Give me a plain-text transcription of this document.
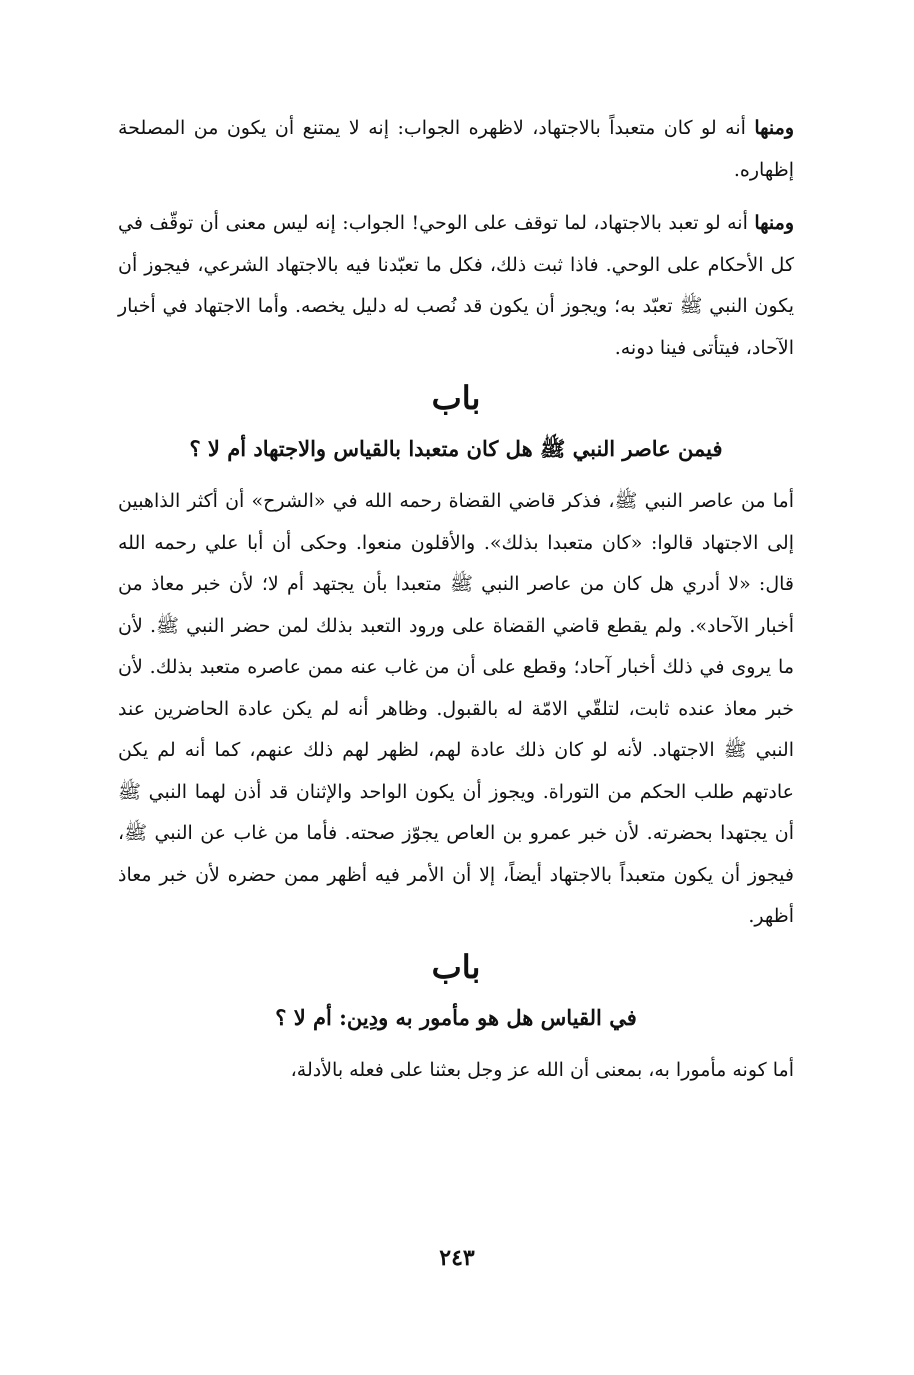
ومنها أنه لو كان متعبداً بالاجتهاد، لاظهره الجواب: إنه لا يمتنع أن يكون من المصلحة إظهاره.

ومنها أنه لو تعبد بالاجتهاد، لما توقف على الوحي! الجواب: إنه ليس معنى أن توقّف في كل الأحكام على الوحي. فاذا ثبت ذلك، فكل ما تعبّدنا فيه بالاجتهاد الشرعي، فيجوز أن يكون النبي ﷺ تعبّد به؛ ويجوز أن يكون قد نُصب له دليل يخصه. وأما الاجتهاد في أخبار الآحاد، فيتأتى فينا دونه.

باب
فيمن عاصر النبي ﷺ هل كان متعبدا بالقياس والاجتهاد أم لا ؟

أما من عاصر النبي ﷺ، فذكر قاضي القضاة رحمه الله في «الشرح» أن أكثر الذاهبين إلى الاجتهاد قالوا: «كان متعبدا بذلك». والأقلون منعوا. وحكى أن أبا علي رحمه الله قال: «لا أدري هل كان من عاصر النبي ﷺ متعبدا بأن يجتهد أم لا؛ لأن خبر معاذ من أخبار الآحاد». ولم يقطع قاضي القضاة على ورود التعبد بذلك لمن حضر النبي ﷺ. لأن ما يروى في ذلك أخبار آحاد؛ وقطع على أن من غاب عنه ممن عاصره متعبد بذلك. لأن خبر معاذ عنده ثابت، لتلقّي الامّة له بالقبول. وظاهر أنه لم يكن عادة الحاضرين عند النبي ﷺ الاجتهاد. لأنه لو كان ذلك عادة لهم، لظهر لهم ذلك عنهم، كما أنه لم يكن عادتهم طلب الحكم من التوراة. ويجوز أن يكون الواحد والإثنان قد أذن لهما النبي ﷺ أن يجتهدا بحضرته. لأن خبر عمرو بن العاص يجوّز صحته. فأما من غاب عن النبي ﷺ، فيجوز أن يكون متعبداً بالاجتهاد أيضاً، إلا أن الأمر فيه أظهر ممن حضره لأن خبر معاذ أظهر.

باب
في القياس هل هو مأمور به ودِين: أم لا ؟

أما كونه مأمورا به، بمعنى أن الله عز وجل بعثنا على فعله بالأدلة،

٢٤٣
